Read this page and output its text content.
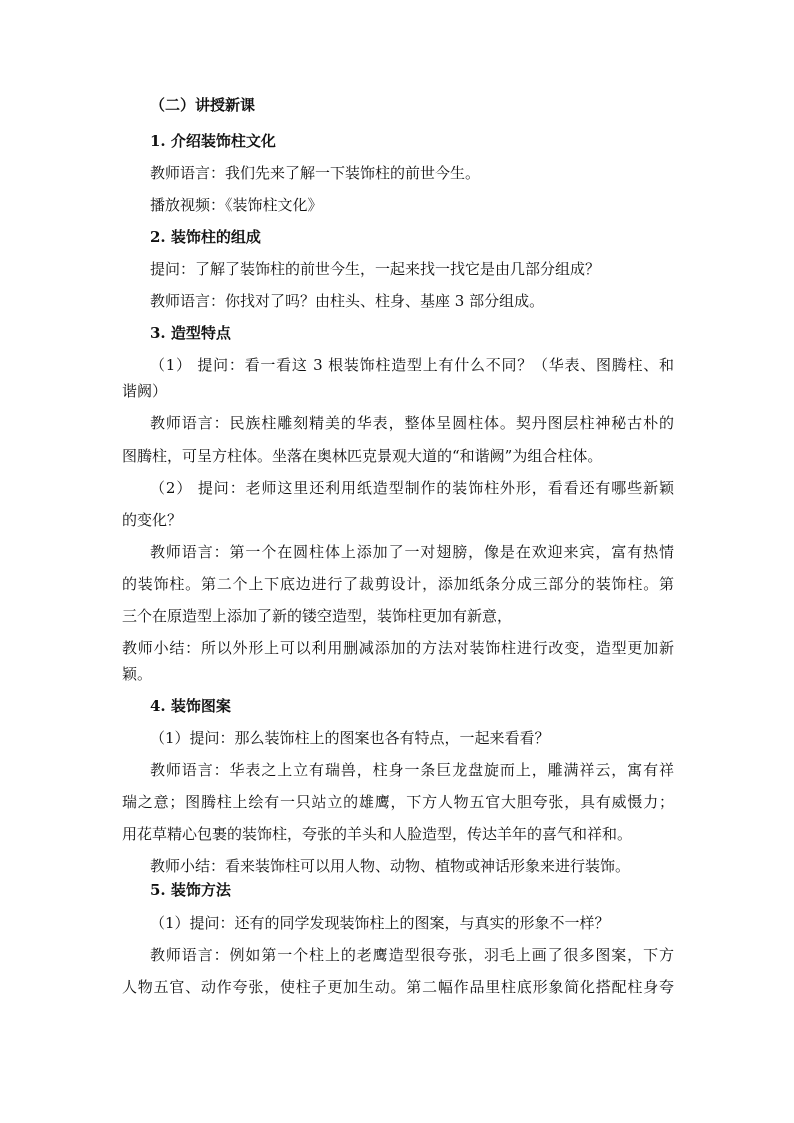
（二）讲授新课
1. 介绍装饰柱文化
教师语言：我们先来了解一下装饰柱的前世今生。
播放视频：《装饰柱文化》
2. 装饰柱的组成
提问：了解了装饰柱的前世今生，一起来找一找它是由几部分组成？
教师语言：你找对了吗？由柱头、柱身、基座 3 部分组成。
3. 造型特点
（1） 提问：看一看这 3 根装饰柱造型上有什么不同？（华表、图腾柱、和
谐阙）
教师语言：民族柱雕刻精美的华表，整体呈圆柱体。契丹图层柱神秘古朴的
图腾柱，可呈方柱体。坐落在奥林匹克景观大道的“和谐阙”为组合柱体。
（2） 提问：老师这里还利用纸造型制作的装饰柱外形，看看还有哪些新颖
的变化？
教师语言：第一个在圆柱体上添加了一对翅膀，像是在欢迎来宾，富有热情
的装饰柱。第二个上下底边进行了裁剪设计，添加纸条分成三部分的装饰柱。第
三个在原造型上添加了新的镂空造型，装饰柱更加有新意，
教师小结：所以外形上可以利用删减添加的方法对装饰柱进行改变，造型更加新
颖。
4. 装饰图案
（1）提问：那么装饰柱上的图案也各有特点，一起来看看？
教师语言：华表之上立有瑞兽，柱身一条巨龙盘旋而上，雕满祥云，寓有祥
瑞之意；图腾柱上绘有一只站立的雄鹰，下方人物五官大胆夸张，具有威慑力；
用花草精心包裹的装饰柱，夸张的羊头和人脸造型，传达羊年的喜气和祥和。
教师小结：看来装饰柱可以用人物、动物、植物或神话形象来进行装饰。
5. 装饰方法
（1）提问：还有的同学发现装饰柱上的图案，与真实的形象不一样？
教师语言：例如第一个柱上的老鹰造型很夸张，羽毛上画了很多图案，下方
人物五官、动作夸张，使柱子更加生动。第二幅作品里柱底形象简化搭配柱身夸
